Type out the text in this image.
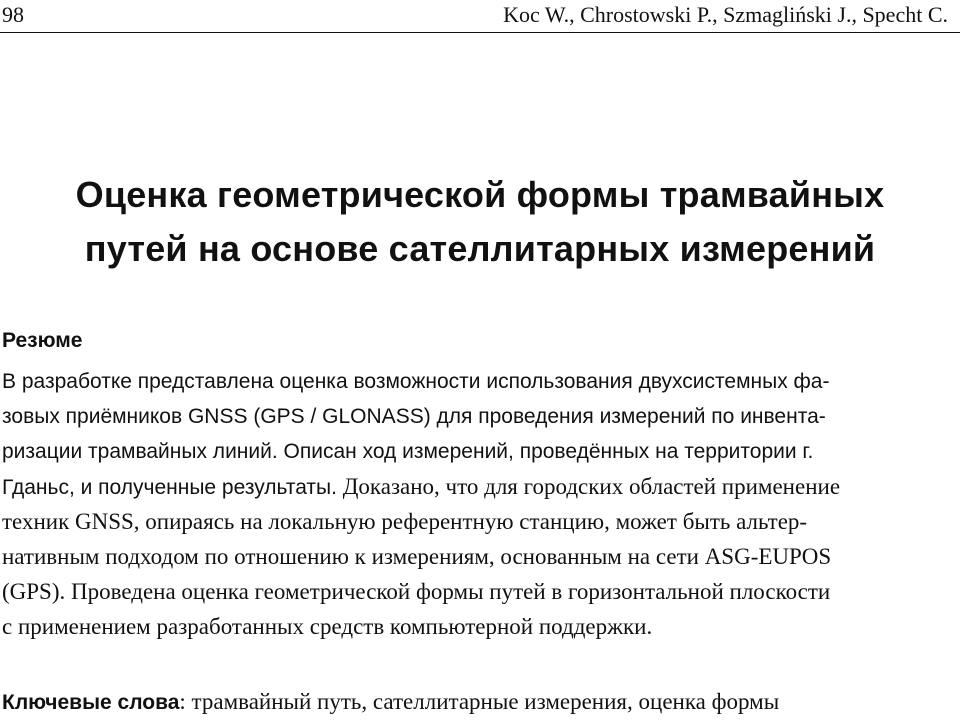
98	Koc W., Chrostowski P., Szmagliński J., Specht C.
Оценка геометрической формы трамвайных
путей на основе сателлитарных измерений
Резюме
В разработке представлена оценка возможности использования двухсистемных фа-
зовых приёмников GNSS (GPS / GLONASS) для проведения измерений по инвента-
ризации трамвайных линий. Описан ход измерений, проведённых на территории г.
Гданьс, и полученные результаты. Доказано, что для городских областей применение
техник GNSS, опираясь на локальную референтную станцию, может быть альтер-
нативным подходом по отношению к измерениям, основанным на сети ASG-EUPOS
(GPS). Проведена оценка геометрической формы путей в горизонтальной плоскости
с применением разработанных средств компьютерной поддержки.
Ключевые слова: трамвайный путь, сателлитарные измерения, оценка формы
